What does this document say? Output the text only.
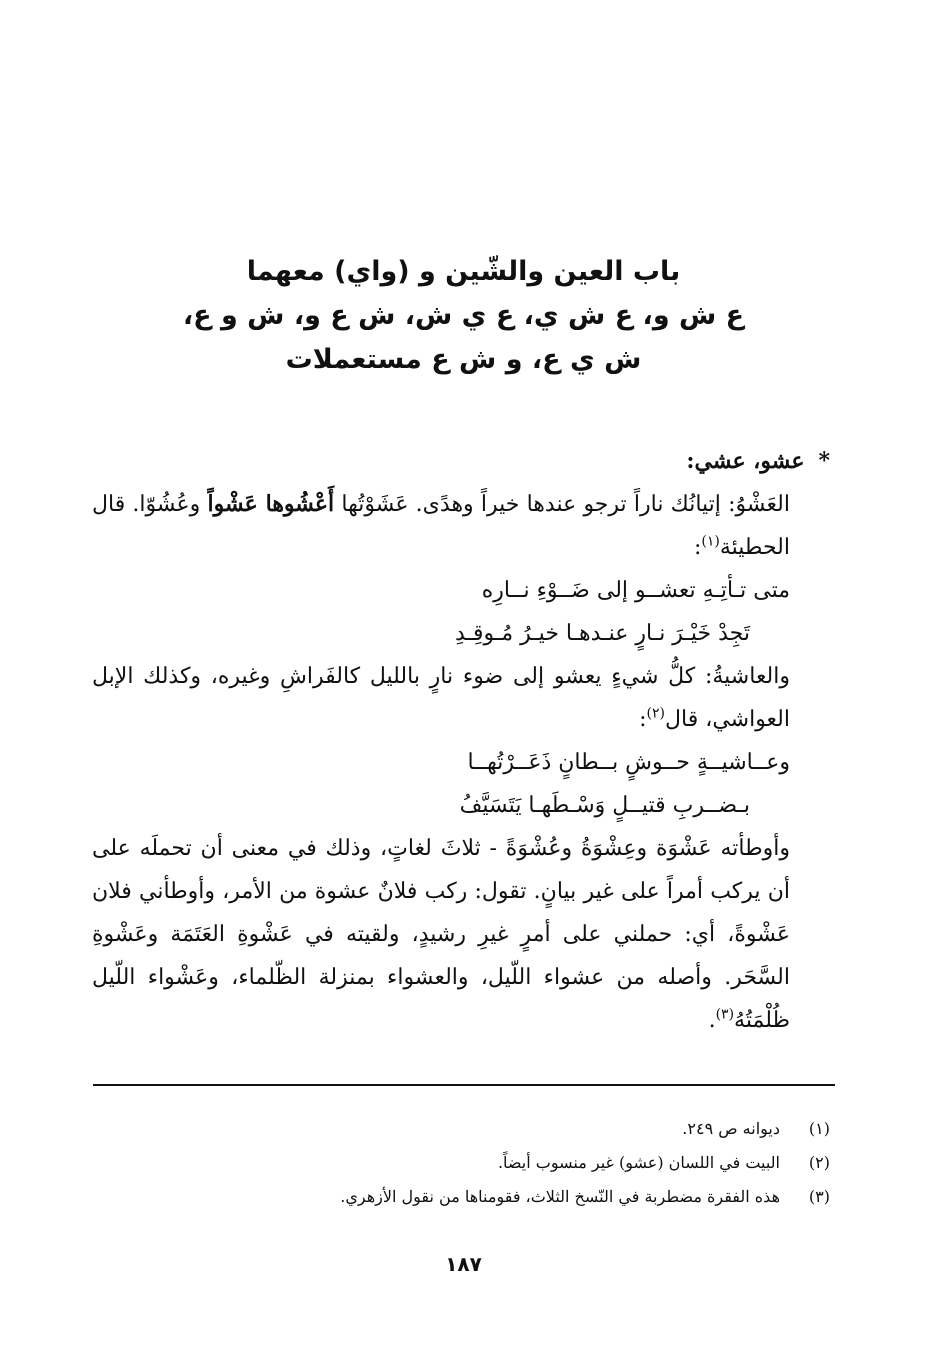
باب العين والشّين و (واي) معهما
ع ش و، ع ش ي، ع ي ش، ش ع و، ش و ع،
ش ي ع، و ش ع مستعملات

*عشو، عشي:

العَشْوُ: إتيانُك ناراً ترجو عندها خيراً وهدًى. عَشَوْتُها أَعْشُوها عَشْواً وعُشُوّا. قال الحطيئة$^{(١)}$:

متى تـأتِـهِ تعشــو إلى ضَــوْءِ نــارِه

تَجِدْ خَيْـرَ نـارٍ عنـدهـا خيـرُ مُـوقِـدِ

والعاشيةُ: كلُّ شيءٍ يعشو إلى ضوء نارٍ بالليل كالفَراشِ وغيره، وكذلك الإبل العواشي، قال$^{(٢)}$:

وعــاشيــةٍ حــوشٍ بــطانٍ ذَعَــرْتُهــا

بـضــربِ قتيــلٍ وَسْـطَهـا يَتَسَيَّفُ

وأوطأته عَشْوَة وعِشْوَةُ وعُشْوَةً - ثلاثَ لغاتٍ، وذلك في معنى أن تحملَه على أن يركب أمراً على غير بيانٍ. تقول: ركب فلانٌ عشوة من الأمر، وأوطأني فلان عَشْوةً، أي: حملني على أمرٍ غيرِ رشيدٍ، ولقيته في عَشْوةِ العَتَمَة وعَشْوةِ السَّحَر. وأصله من عشواء اللّيل، والعشواء بمنزلة الظّلماء، وعَشْواء اللّيل ظُلْمَتُهُ$^{(٣)}$.

(١)ديوانه ص ٢٤٩.
(٢)البيت في اللسان (عشو) غير منسوب أيضاً.
(٣)هذه الفقرة مضطربة في النّسخ الثلاث، فقومناها من نقول الأزهري.
١٨٧
